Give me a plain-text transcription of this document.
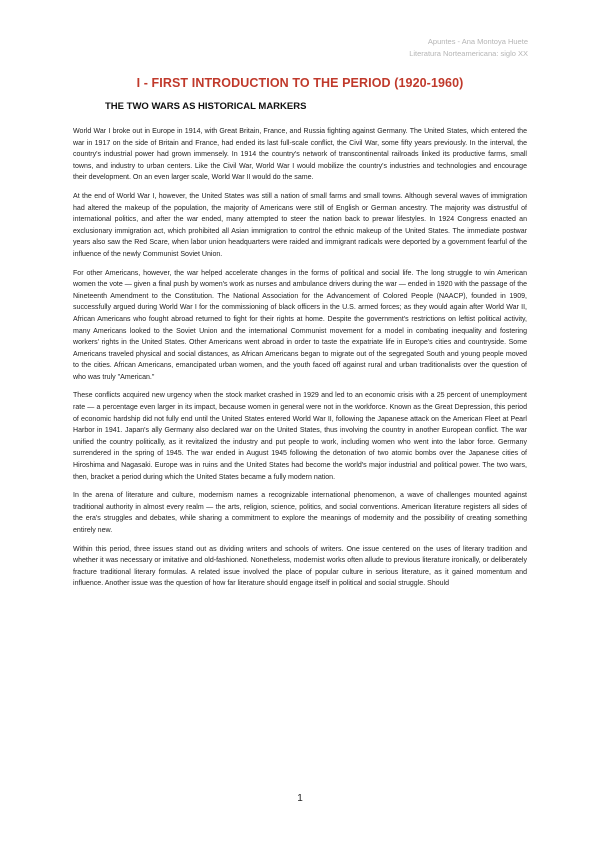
Apuntes - Ana Montoya Huete
Literatura Norteamericana: siglo XX
I - FIRST INTRODUCTION TO THE PERIOD (1920-1960)
THE TWO WARS AS HISTORICAL MARKERS

World War I broke out in Europe in 1914, with Great Britain, France, and Russia fighting against Germany. The United States, which entered the war in 1917 on the side of Britain and France, had ended its last full-scale conflict, the Civil War, some fifty years previously. In the interval, the country's industrial power had grown immensely. In 1914 the country's network of transcontinental railroads linked its productive farms, small towns, and industry to urban centers. Like the Civil War, World War I would mobilize the country's industries and technologies and encourage their development. On an even larger scale, World War II would do the same.

At the end of World War I, however, the United States was still a nation of small farms and small towns. Although several waves of immigration had altered the makeup of the population, the majority of Americans were still of English or German ancestry. The majority was distrustful of international politics, and after the war ended, many attempted to steer the nation back to prewar lifestyles. In 1924 Congress enacted an exclusionary immigration act, which prohibited all Asian immigration to control the ethnic makeup of the United States. The immediate postwar years also saw the Red Scare, when labor union headquarters were raided and immigrant radicals were deported by a government fearful of the influence of the newly Communist Soviet Union.

For other Americans, however, the war helped accelerate changes in the forms of political and social life. The long struggle to win American women the vote — given a final push by women's work as nurses and ambulance drivers during the war — ended in 1920 with the passage of the Nineteenth Amendment to the Constitution. The National Association for the Advancement of Colored People (NAACP), founded in 1909, successfully argued during World War I for the commissioning of black officers in the U.S. armed forces; as they would again after World War II, African Americans who fought abroad returned to fight for their rights at home. Despite the government's restrictions on leftist political activity, many Americans looked to the Soviet Union and the international Communist movement for a model in combating inequality and fostering workers' rights in the United States. Other Americans went abroad in order to taste the expatriate life in Europe's cities and countryside. Some Americans traveled physical and social distances, as African Americans began to migrate out of the segregated South and young people moved to the cities. African Americans, emancipated urban women, and the youth faced off against rural and urban traditionalists over the question of who was truly "American."

These conflicts acquired new urgency when the stock market crashed in 1929 and led to an economic crisis with a 25 percent of unemployment rate — a percentage even larger in its impact, because women in general were not in the workforce. Known as the Great Depression, this period of economic hardship did not fully end until the United States entered World War II, following the Japanese attack on the American Fleet at Pearl Harbor in 1941. Japan's ally Germany also declared war on the United States, thus involving the country in another European conflict. The war unified the country politically, as it revitalized the industry and put people to work, including women who went into the labor force. Germany surrendered in the spring of 1945. The war ended in August 1945 following the detonation of two atomic bombs over the Japanese cities of Hiroshima and Nagasaki. Europe was in ruins and the United States had become the world's major industrial and political power. The two wars, then, bracket a period during which the United States became a fully modern nation.

In the arena of literature and culture, modernism names a recognizable international phenomenon, a wave of challenges mounted against traditional authority in almost every realm — the arts, religion, science, politics, and social conventions. American literature registers all sides of the era's struggles and debates, while sharing a commitment to explore the meanings of modernity and the possibility of creating something entirely new.

Within this period, three issues stand out as dividing writers and schools of writers. One issue centered on the uses of literary tradition and whether it was necessary or imitative and old-fashioned. Nonetheless, modernist works often allude to previous literature ironically, or deliberately fracture traditional literary formulas. A related issue involved the place of popular culture in serious literature, as it gained momentum and influence. Another issue was the question of how far literature should engage itself in political and social struggle. Should

1
